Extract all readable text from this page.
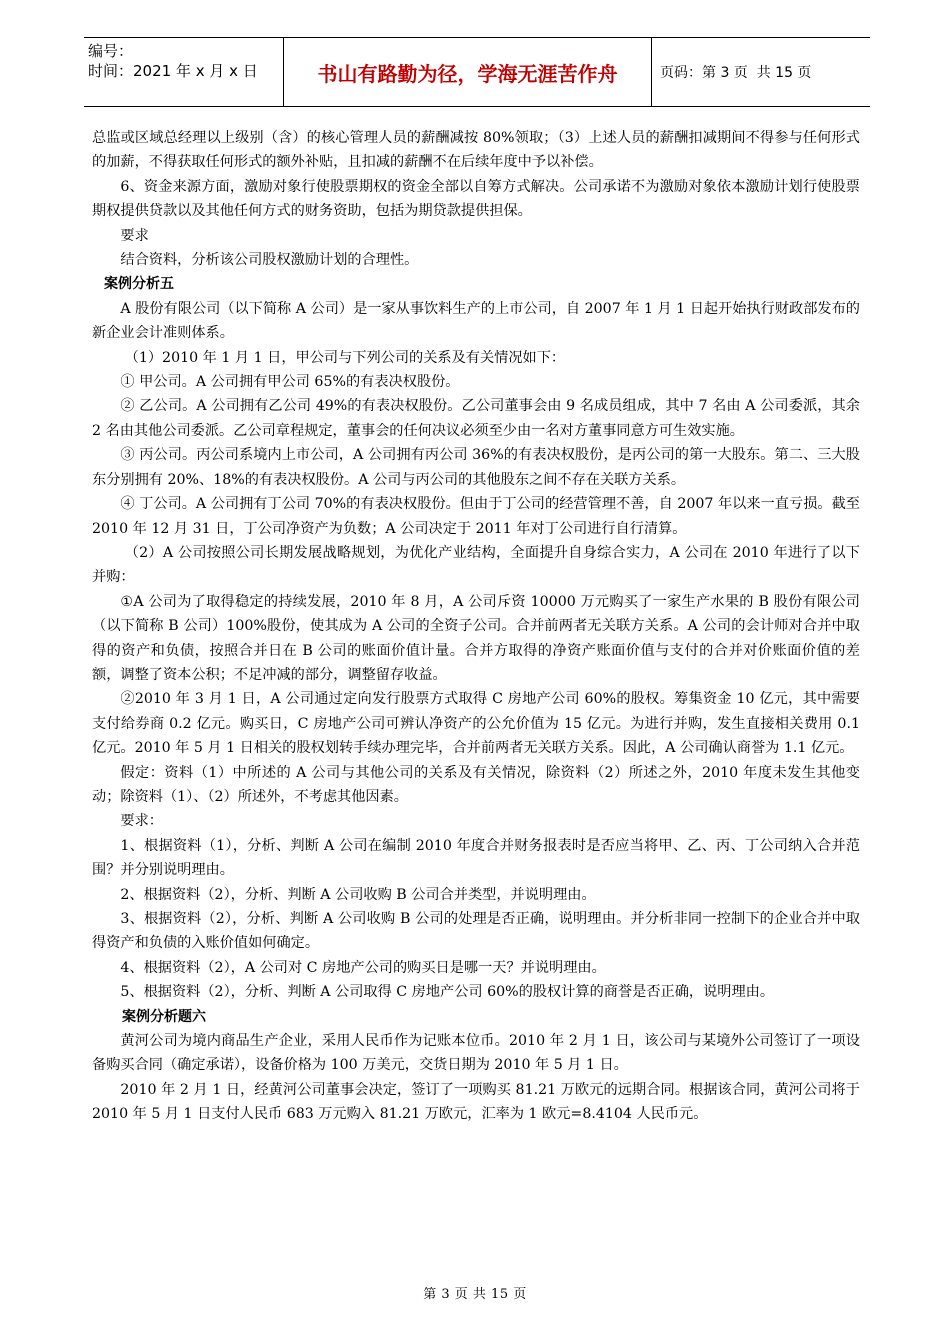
编号：
时间：2021 年 x 月 x 日	书山有路勤为径，学海无涯苦作舟	页码：第 3 页  共 15 页

总监或区域总经理以上级别（含）的核心管理人员的薪酬减按 80%领取；（3）上述人员的薪酬扣减期间不得参与任何形式的加薪，不得获取任何形式的额外补贴，且扣减的薪酬不在后续年度中予以补偿。

6、资金来源方面，激励对象行使股票期权的资金全部以自筹方式解决。公司承诺不为激励对象依本激励计划行使股票期权提供贷款以及其他任何方式的财务资助，包括为期贷款提供担保。

要求

结合资料，分析该公司股权激励计划的合理性。

案例分析五

A 股份有限公司（以下简称 A 公司）是一家从事饮料生产的上市公司，自 2007 年 1 月 1 日起开始执行财政部发布的新企业会计准则体系。

（1）2010 年 1 月 1 日，甲公司与下列公司的关系及有关情况如下：

① 甲公司。A 公司拥有甲公司 65%的有表决权股份。

② 乙公司。A 公司拥有乙公司 49%的有表决权股份。乙公司董事会由 9 名成员组成，其中 7 名由 A 公司委派，其余 2 名由其他公司委派。乙公司章程规定，董事会的任何决议必须至少由一名对方董事同意方可生效实施。

③ 丙公司。丙公司系境内上市公司，A 公司拥有丙公司 36%的有表决权股份，是丙公司的第一大股东。第二、三大股东分别拥有 20%、18%的有表决权股份。A 公司与丙公司的其他股东之间不存在关联方关系。

④ 丁公司。A 公司拥有丁公司 70%的有表决权股份。但由于丁公司的经营管理不善，自 2007 年以来一直亏损。截至 2010 年 12 月 31 日，丁公司净资产为负数；A 公司决定于 2011 年对丁公司进行自行清算。

（2）A 公司按照公司长期发展战略规划，为优化产业结构，全面提升自身综合实力，A 公司在 2010 年进行了以下并购：

①A 公司为了取得稳定的持续发展，2010 年 8 月，A 公司斥资 10000 万元购买了一家生产水果的 B 股份有限公司（以下简称 B 公司）100%股份，使其成为 A 公司的全资子公司。合并前两者无关联方关系。A 公司的会计师对合并中取得的资产和负债，按照合并日在 B 公司的账面价值计量。合并方取得的净资产账面价值与支付的合并对价账面价值的差额，调整了资本公积；不足冲减的部分，调整留存收益。

②2010 年 3 月 1 日，A 公司通过定向发行股票方式取得 C 房地产公司 60%的股权。筹集资金 10 亿元，其中需要支付给券商 0.2 亿元。购买日，C 房地产公司可辨认净资产的公允价值为 15 亿元。为进行并购，发生直接相关费用 0.1 亿元。2010 年 5 月 1 日相关的股权划转手续办理完毕，合并前两者无关联方关系。因此，A 公司确认商誉为 1.1 亿元。

假定：资料（1）中所述的 A 公司与其他公司的关系及有关情况，除资料（2）所述之外，2010 年度未发生其他变动；除资料（1）、（2）所述外，不考虑其他因素。

要求：

1、根据资料（1），分析、判断 A 公司在编制 2010 年度合并财务报表时是否应当将甲、乙、丙、丁公司纳入合并范围？并分别说明理由。

2、根据资料（2），分析、判断 A 公司收购 B 公司合并类型，并说明理由。

3、根据资料（2），分析、判断 A 公司收购 B 公司的处理是否正确，说明理由。并分析非同一控制下的企业合并中取得资产和负债的入账价值如何确定。

4、根据资料（2），A 公司对 C 房地产公司的购买日是哪一天？并说明理由。

5、根据资料（2），分析、判断 A 公司取得 C 房地产公司 60%的股权计算的商誉是否正确，说明理由。

案例分析题六

黄河公司为境内商品生产企业，采用人民币作为记账本位币。2010 年 2 月 1 日，该公司与某境外公司签订了一项设备购买合同（确定承诺），设备价格为 100 万美元，交货日期为 2010 年 5 月 1 日。

2010 年 2 月 1 日，经黄河公司董事会决定，签订了一项购买 81.21 万欧元的远期合同。根据该合同，黄河公司将于 2010 年 5 月 1 日支付人民币 683 万元购入 81.21 万欧元，汇率为 1 欧元=8.4104 人民币元。

第 3 页 共 15 页
